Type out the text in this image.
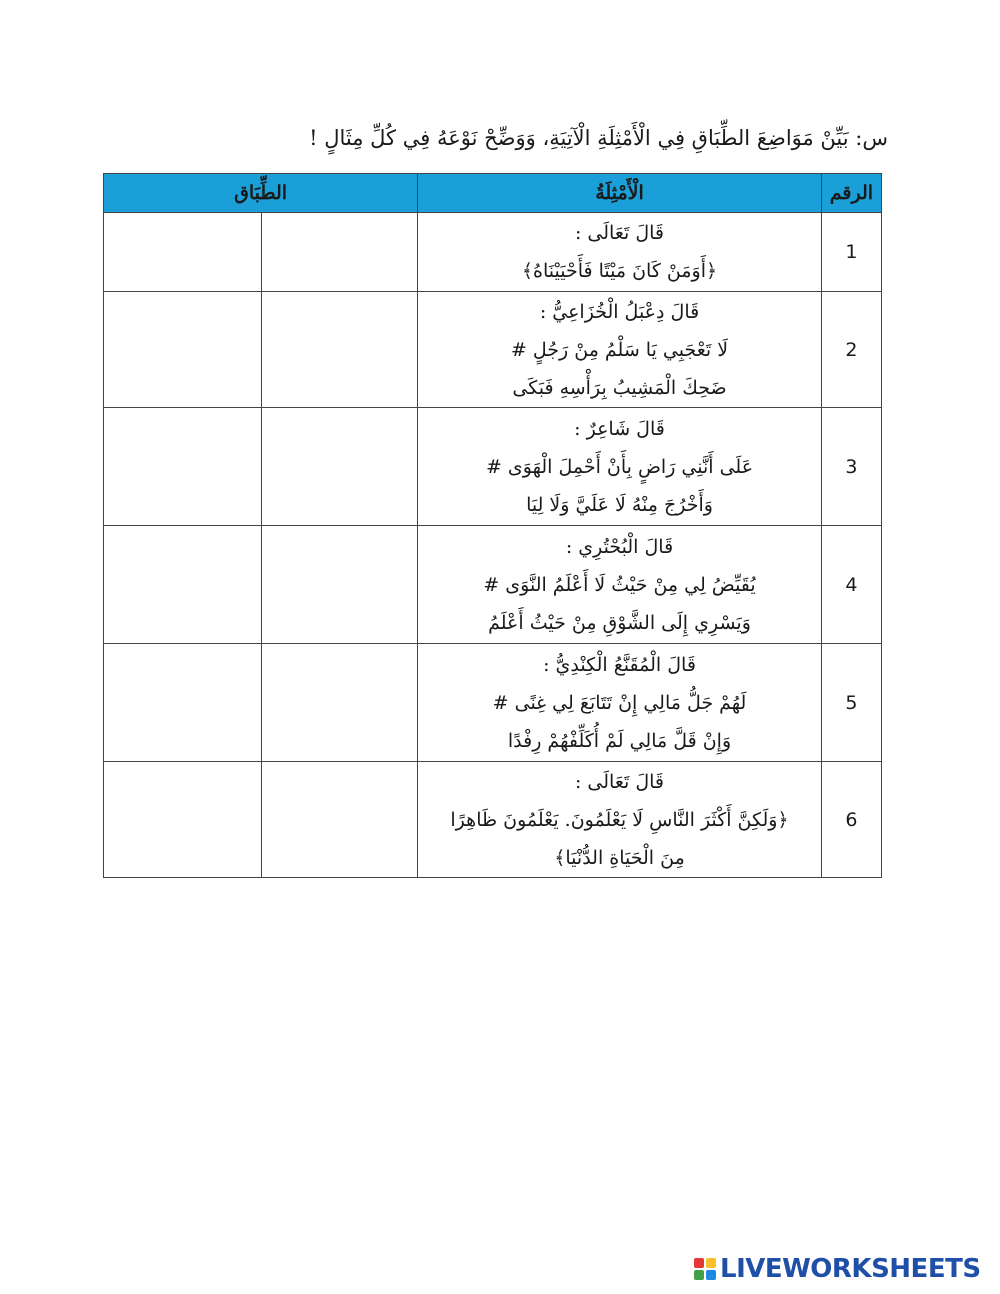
س: بَيِّنْ مَوَاضِعَ الطِّبَاقِ فِي الْأَمْثِلَةِ الْآتِيَةِ، وَوَضِّحْ نَوْعَهُ فِي كُلِّ مِثَالٍ !
الرقم	الْأَمْثِلَةُ	الطِّبَاق	
1	قَالَ تَعَالَى :
﴿أَوَمَنْ كَانَ مَيْتًا فَأَحْيَيْنَاهُ﴾		

2	قَالَ دِعْبَلُ الْخُزَاعِيُّ :
لَا تَعْجَبِي يَا سَلْمُ مِنْ رَجُلٍ #
ضَحِكَ الْمَشِيبُ بِرَأْسِهِ فَبَكَى		

3	قَالَ شَاعِرٌ :
عَلَى أَنَّنِي رَاضٍ بِأَنْ أَحْمِلَ الْهَوَى #
وَأَخْرُجَ مِنْهُ لَا عَلَيَّ وَلَا لِيَا		

4	قَالَ الْبُحْتُرِي :
يُقَيِّضُ لِي مِنْ حَيْثُ لَا أَعْلَمُ النَّوَى #
وَيَسْرِي إِلَى الشَّوْقِ مِنْ حَيْثُ أَعْلَمُ		

5	قَالَ الْمُقَنَّعُ الْكِنْدِيُّ :
لَهُمْ جَلُّ مَالِي إِنْ تَتَابَعَ لِي غِنًى #
وَإِنْ قَلَّ مَالِي لَمْ أُكَلِّفْهُمْ رِفْدًا		

6	قَالَ تَعَالَى :
﴿وَلَكِنَّ أَكْثَرَ النَّاسِ لَا يَعْلَمُونَ. يَعْلَمُونَ ظَاهِرًا
مِنَ الْحَيَاةِ الدُّنْيَا﴾		

LIVEWORKSHEETS
